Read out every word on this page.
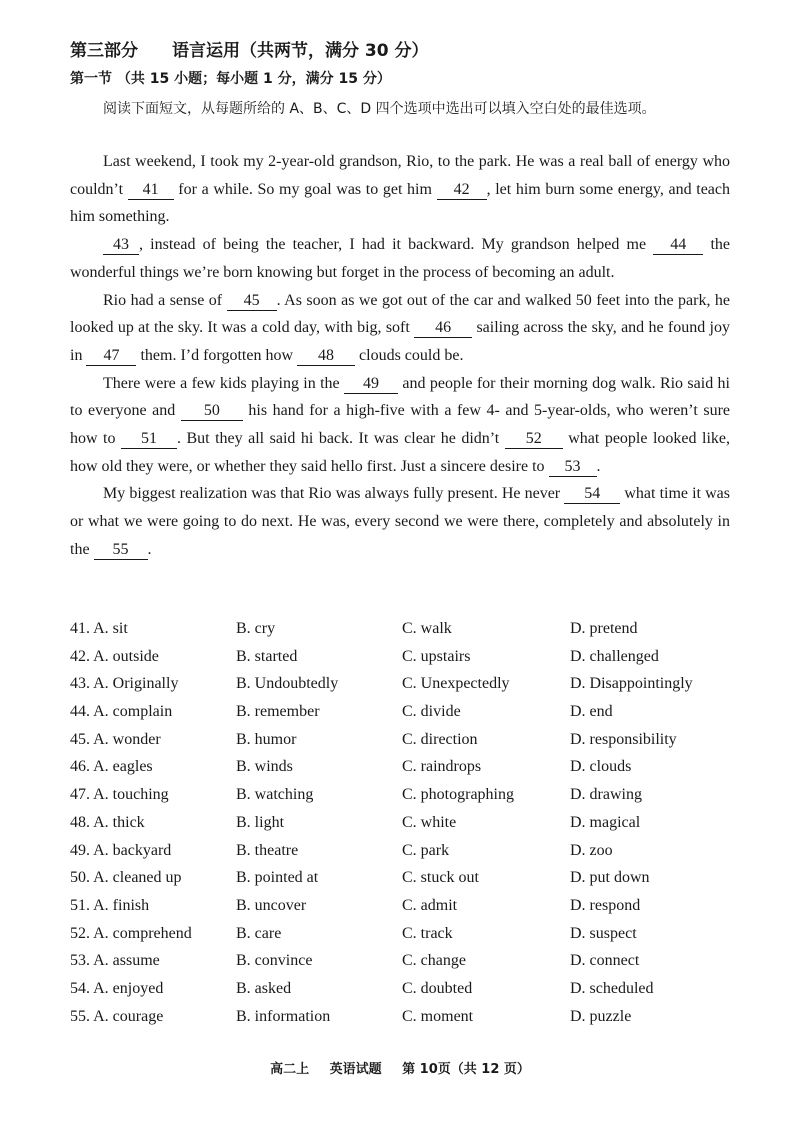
第三部分　　语言运用（共两节，满分 30 分）
第一节 （共 15 小题；每小题 1 分，满分 15 分）
阅读下面短文，从每题所给的 A、B、C、D 四个选项中选出可以填入空白处的最佳选项。

Last weekend, I took my 2-year-old grandson, Rio, to the park. He was a real ball of energy who couldn’t 41 for a while. So my goal was to get him 42 , let him burn some energy, and teach him something.

43 , instead of being the teacher, I had it backward. My grandson helped me 44 the wonderful things we’re born knowing but forget in the process of becoming an adult.

Rio had a sense of 45 . As soon as we got out of the car and walked 50 feet into the park, he looked up at the sky. It was a cold day, with big, soft 46 sailing across the sky, and he found joy in 47 them. I’d forgotten how 48 clouds could be.

There were a few kids playing in the 49 and people for their morning dog walk. Rio said hi to everyone and 50 his hand for a high-five with a few 4- and 5-year-olds, who weren’t sure how to 51 . But they all said hi back. It was clear he didn’t 52 what people looked like, how old they were, or whether they said hello first. Just a sincere desire to 53 .

My biggest realization was that Rio was always fully present. He never 54 what time it was or what we were going to do next. He was, every second we were there, completely and absolutely in the 55 .

41. A. sit	B. cry	C. walk	D. pretend
42. A. outside	B. started	C. upstairs	D. challenged
43. A. Originally	B. Undoubtedly	C. Unexpectedly	D. Disappointingly
44. A. complain	B. remember	C. divide	D. end
45. A. wonder	B. humor	C. direction	D. responsibility
46. A. eagles	B. winds	C. raindrops	D. clouds
47. A. touching	B. watching	C. photographing	D. drawing
48. A. thick	B. light	C. white	D. magical
49. A. backyard	B. theatre	C. park	D. zoo
50. A. cleaned up	B. pointed at	C. stuck out	D. put down
51. A. finish	B. uncover	C. admit	D. respond
52. A. comprehend	B. care	C. track	D. suspect
53. A. assume	B. convince	C. change	D. connect
54. A. enjoyed	B. asked	C. doubted	D. scheduled
55. A. courage	B. information	C. moment	D. puzzle
高二上 英语试题 第 10页（共 12 页）
